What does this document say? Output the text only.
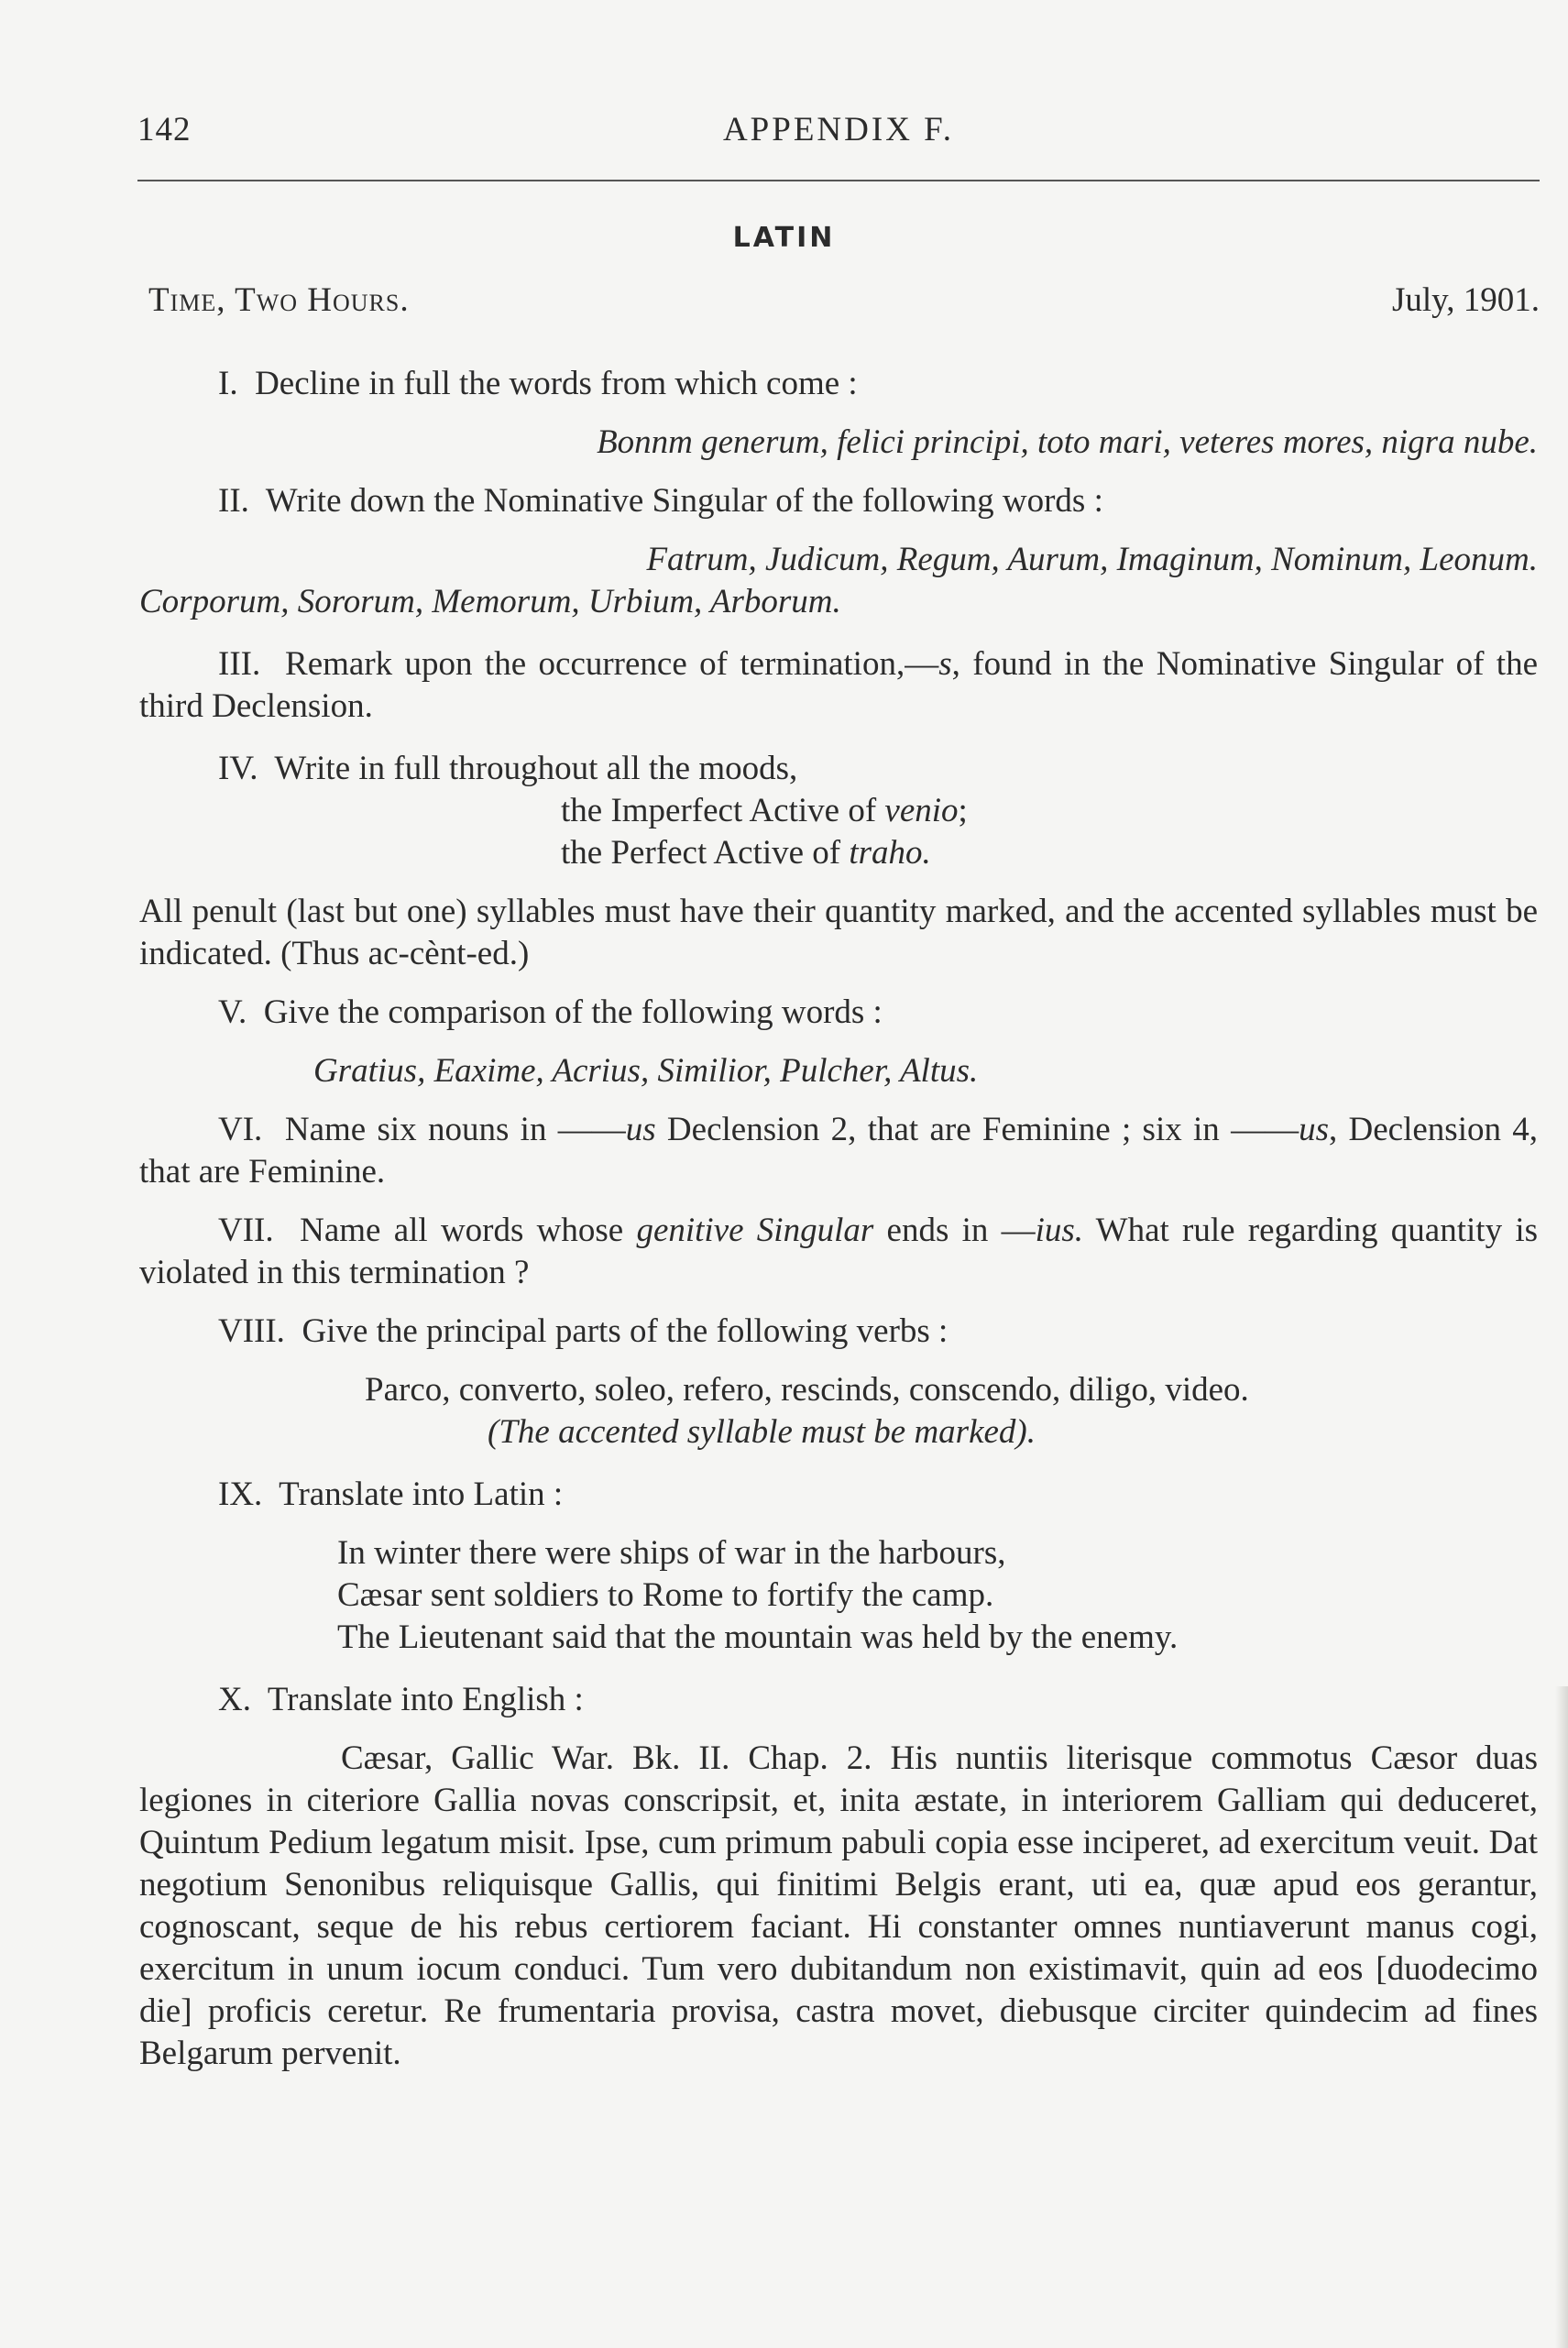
142	APPENDIX F.
LATIN
Time, Two Hours.	July, 1901.

I. Decline in full the words from which come :

Bonnm generum, felici principi, toto mari, veteres mores, nigra nube.

II. Write down the Nominative Singular of the following words :

Fatrum, Judicum, Regum, Aurum, Imaginum, Nominum, Leonum.

Corporum, Sororum, Memorum, Urbium, Arborum.

III. Remark upon the occurrence of termination,—s, found in the Nominative Singular of the third Declension.

IV. Write in full throughout all the moods,

the Imperfect Active of venio;

the Perfect Active of traho.

All penult (last but one) syllables must have their quantity marked, and the accented syllables must be indicated. (Thus ac-cènt-ed.)

V. Give the comparison of the following words :

Gratius, Eaxime, Acrius, Similior, Pulcher, Altus.

VI. Name six nouns in ——us Declension 2, that are Feminine ; six in ——us, Declension 4, that are Feminine.

VII. Name all words whose genitive Singular ends in —ius. What rule regarding quantity is violated in this termination ?

VIII. Give the principal parts of the following verbs :

Parco, converto, soleo, refero, rescinds, conscendo, diligo, video.

(The accented syllable must be marked).

IX. Translate into Latin :

In winter there were ships of war in the harbours,

Cæsar sent soldiers to Rome to fortify the camp.

The Lieutenant said that the mountain was held by the enemy.

X. Translate into English :

Cæsar, Gallic War. Bk. II. Chap. 2. His nuntiis literisque commotus Cæsor duas legiones in citeriore Gallia novas conscripsit, et, inita æstate, in interiorem Galliam qui deduceret, Quintum Pedium legatum misit. Ipse, cum primum pabuli copia esse inciperet, ad exercitum veuit. Dat negotium Senonibus reliquisque Gallis, qui finitimi Belgis erant, uti ea, quæ apud eos gerantur, cognoscant, seque de his rebus certiorem faciant. Hi constanter omnes nuntiaverunt manus cogi, exercitum in unum iocum conduci. Tum vero dubitandum non existimavit, quin ad eos [duodecimo die] proficis ceretur. Re frumentaria provisa, castra movet, diebusque circiter quindecim ad fines Belgarum pervenit.
